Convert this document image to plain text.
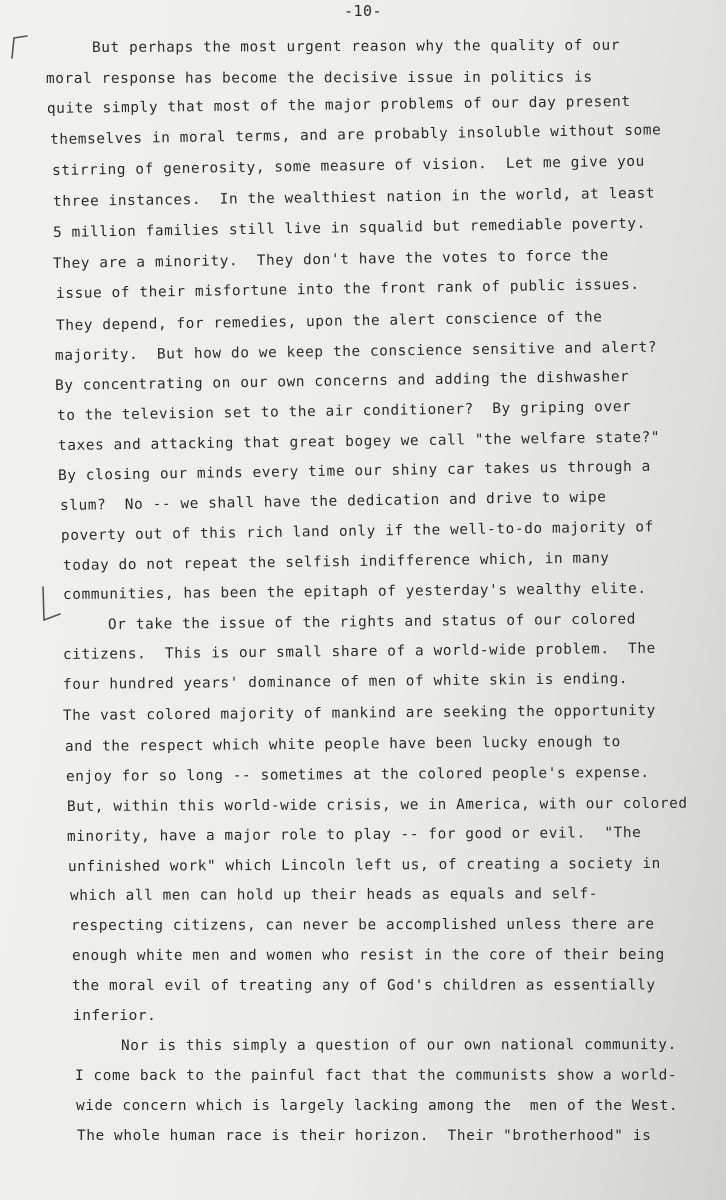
-10-
But perhaps the most urgent reason why the quality of our
moral response has become the decisive issue in politics is
quite simply that most of the major problems of our day present
themselves in moral terms, and are probably insoluble without some
stirring of generosity, some measure of vision.  Let me give you
three instances.  In the wealthiest nation in the world, at least
5 million families still live in squalid but remediable poverty.
They are a minority.  They don't have the votes to force the
issue of their misfortune into the front rank of public issues.
They depend, for remedies, upon the alert conscience of the
majority.  But how do we keep the conscience sensitive and alert?
By concentrating on our own concerns and adding the dishwasher
to the television set to the air conditioner?  By griping over
taxes and attacking that great bogey we call "the welfare state?"
By closing our minds every time our shiny car takes us through a
slum?  No -- we shall have the dedication and drive to wipe
poverty out of this rich land only if the well-to-do majority of
today do not repeat the selfish indifference which, in many
communities, has been the epitaph of yesterday's wealthy elite.
Or take the issue of the rights and status of our colored
citizens.  This is our small share of a world-wide problem.  The
four hundred years' dominance of men of white skin is ending.
The vast colored majority of mankind are seeking the opportunity
and the respect which white people have been lucky enough to
enjoy for so long -- sometimes at the colored people's expense.
But, within this world-wide crisis, we in America, with our colored
minority, have a major role to play -- for good or evil.  "The
unfinished work" which Lincoln left us, of creating a society in
which all men can hold up their heads as equals and self-
respecting citizens, can never be accomplished unless there are
enough white men and women who resist in the core of their being
the moral evil of treating any of God's children as essentially
inferior.
Nor is this simply a question of our own national community.
I come back to the painful fact that the communists show a world-
wide concern which is largely lacking among the  men of the West.
The whole human race is their horizon.  Their "brotherhood" is
